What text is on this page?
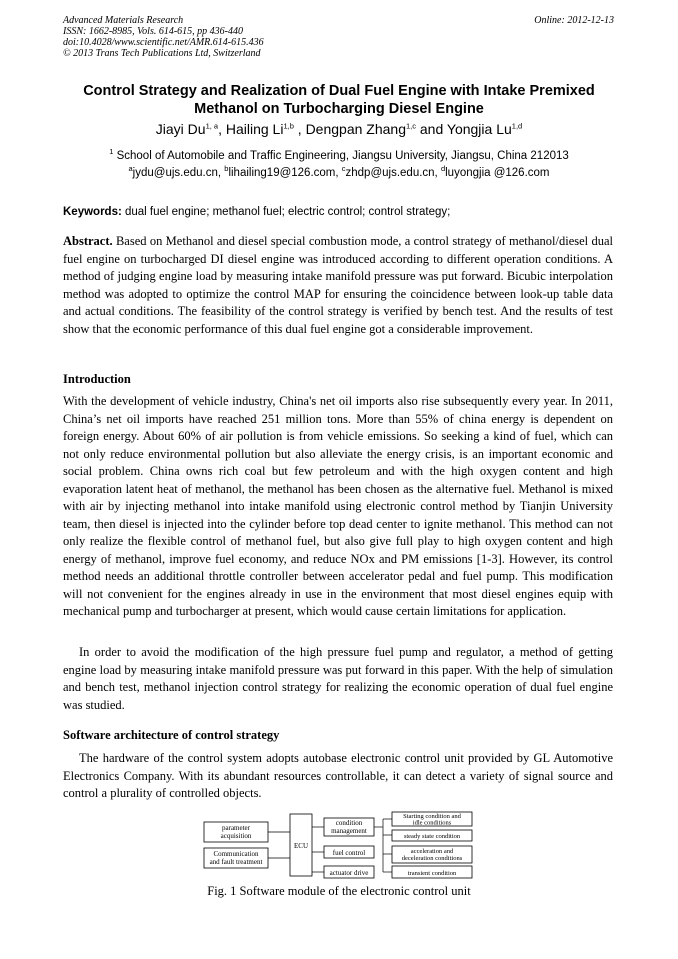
Advanced Materials Research
ISSN: 1662-8985, Vols. 614-615, pp 436-440
doi:10.4028/www.scientific.net/AMR.614-615.436
© 2013 Trans Tech Publications Ltd, Switzerland
Online: 2012-12-13
Control Strategy and Realization of Dual Fuel Engine with Intake Premixed Methanol on Turbocharging Diesel Engine
Jiayi Du$^{1, a}$, Hailing Li$^{1,b}$ , Dengpan Zhang$^{1,c}$ and Yongjia Lu$^{1,d}$
$^1$ School of Automobile and Traffic Engineering, Jiangsu University, Jiangsu, China 212013
$^a$jydu@ujs.edu.cn, $^b$lihailing19@126.com, $^c$zhdp@ujs.edu.cn, $^d$luyongjia @126.com
Keywords: dual fuel engine; methanol fuel; electric control; control strategy;
Abstract. Based on Methanol and diesel special combustion mode, a control strategy of methanol/diesel dual fuel engine on turbocharged DI diesel engine was introduced according to different operation conditions. A method of judging engine load by measuring intake manifold pressure was put forward. Bicubic interpolation method was adopted to optimize the control MAP for ensuring the coincidence between look-up table data and actual conditions. The feasibility of the control strategy is verified by bench test. And the results of test show that the economic performance of this dual fuel engine got a considerable improvement.
Introduction
With the development of vehicle industry, China's net oil imports also rise subsequently every year. In 2011, China’s net oil imports have reached 251 million tons. More than 55% of china energy is dependent on foreign energy. About 60% of air pollution is from vehicle emissions. So seeking a kind of fuel, which can not only reduce environmental pollution but also alleviate the energy crisis, is an important economic and social problem. China owns rich coal but few petroleum and with the high oxygen content and high evaporation latent heat of methanol, the methanol has been chosen as the alternative fuel. Methanol is mixed with air by injecting methanol into intake manifold using electronic control method by Tianjin University team, then diesel is injected into the cylinder before top dead center to ignite methanol. This method can not only realize the flexible control of methanol fuel, but also give full play to high oxygen content and high energy of methanol, improve fuel economy, and reduce NOx and PM emissions [1-3]. However, its control method needs an additional throttle controller between accelerator pedal and fuel pump. This modification will not convenient for the engines already in use in the environment that most diesel engines equip with mechanical pump and turbocharger at present, which would cause certain limitations for application.
In order to avoid the modification of the high pressure fuel pump and regulator, a method of getting engine load by measuring intake manifold pressure was put forward in this paper. With the help of simulation and bench test, methanol injection control strategy for realizing the economic operation of dual fuel engine was studied.
Software architecture of control strategy
The hardware of the control system adopts autobase electronic control unit provided by GL Automotive Electronics Company. With its abundant resources controllable, it can detect a variety of signal source and control a plurality of controlled objects.
parameter acquisition
Communication and fault treatment
ECU
condition management
fuel control
actuator drive
Starting condition and idle conditions
steady state condition
acceleration and deceleration conditions
transient condition
Fig. 1 Software module of the electronic control unit
